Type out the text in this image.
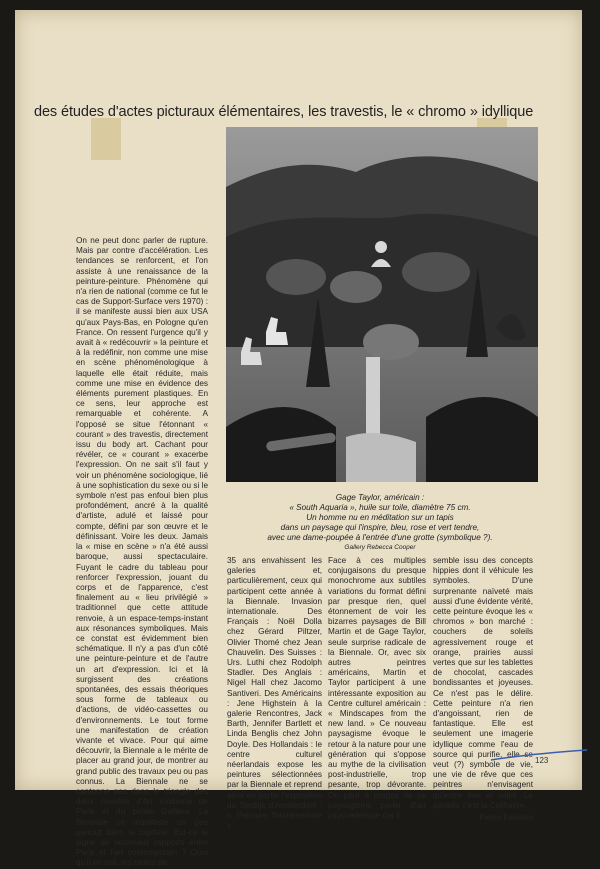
des études d'actes picturaux élémentaires, les travestis, le « chromo » idyllique
Gage Taylor, américain :
« South Aquaria », huile sur toile, diamètre 75 cm.
Un homme nu en méditation sur un tapis
dans un paysage qui l'inspire, bleu, rose et vert tendre,
avec une dame-poupée à l'entrée d'une grotte (symbolique ?).
Gallery Rebecca Cooper
On ne peut donc parler de rupture. Mais par contre d'accélération. Les tendances se renforcent, et l'on assiste à une renaissance de la peinture-peinture. Phénomène qui n'a rien de national (comme ce fut le cas de Support-Surface vers 1970) : il se manifeste aussi bien aux USA qu'aux Pays-Bas, en Pologne qu'en France. On ressent l'urgence qu'il y avait à « redécouvrir » la peinture et à la redéfinir, non comme une mise en scène phénoménologique à laquelle elle était réduite, mais comme une mise en évidence des éléments purement plastiques. En ce sens, leur approche est remarquable et cohérente. A l'opposé se situe l'étonnant « courant » des travestis, directement issu du body art. Cachant pour révéler, ce « courant » exacerbe l'expression. On ne sait s'il faut y voir un phénomène sociologique, lié à une sophistication du sexe ou si le symbole n'est pas enfoui bien plus profondément, ancré à la qualité d'artiste, adulé et laissé pour compte, défini par son œuvre et le définissant. Voire les deux. Jamais la « mise en scène » n'a été aussi baroque, aussi spectaculaire. Fuyant le cadre du tableau pour renforcer l'expression, jouant du corps et de l'apparence, c'est finalement au « lieu privilégié » traditionnel que cette attitude renvoie, à un espace-temps-instant aux résonances symboliques. Mais ce constat est évidemment bien schématique. Il n'y a pas d'un côté une peinture-peinture et de l'autre un art d'expression. Ici et là surgissent des créations spontanées, des essais théoriques sous forme de tableaux ou d'actions, de vidéo-cassettes ou d'environnements. Le tout forme une manifestation de création vivante et vivace. Pour qui aime découvrir, la Biennale a le mérite de placer au grand jour, de montrer au grand public des travaux peu ou pas connus. La Biennale ne se cantonne pas dans le triangle des deux musées d'Art moderne de Paris et du palais Galliera. La Biennale se manifeste un peu partout dans la capitale. Est-ce le signe de nouveaux rapports entre Paris et l'art contemporain ? Quoi qu'il en soit, les moins de
35 ans envahissent les galeries et, particulièrement, ceux qui participent cette année à la Biennale. Invasion internationale. Des Français : Noël Dolla chez Gérard Piltzer, Olivier Thomé chez Jean Chauvelin. Des Suisses : Urs. Luthi chez Rodolph Stadler. Des Anglais : Nigel Hall chez Jacomo Santiveri. Des Américains : Jene Highstein à la galerie Rencontres, Jack Barth, Jennifer Bartlett et Linda Benglis chez John Doyle. Des Hollandais : le centre culturel néerlandais expose les peintures sélectionnées par la Biennale et reprend ainsi en partie l'exposition du Stedlijk d'Amsterdam : « Peinture fondamentale ».
Face à ces multiples conjugaisons du presque monochrome aux subtiles variations du format défini par presque rien, quel étonnement de voir les bizarres paysages de Bill Martin et de Gage Taylor, seule surprise radicale de la Biennale. Or, avec six autres peintres américains, Martin et Taylor participent à une intéressante exposition au Centre culturel américain : « Mindscapes from the new land. » Ce nouveau paysagisme évoque le retour à la nature pour une génération qui s'oppose au mythe de la civilisation post-industrielle, trop pesante, trop dévorante. On peut à propos de ce paysagisme parler d'art psychédélique car il
semble issu des concepts hippies dont il véhicule les symboles. D'une surprenante naïveté mais aussi d'une évidente vérité, cette peinture évoque les « chromos » bon marché : couchers de soleils agressivement rouge et orange, prairies aussi vertes que sur les tablettes de chocolat, cascades bondissantes et joyeuses. Ce n'est pas le délire. Cette peinture n'a rien d'angoissant, rien de fantastique. Elle est seulement une imagerie idyllique comme l'eau de source qui purifie, elle se veut (?) symbole de vie, une vie de rêve que ces peintres n'envisagent qu'entre mer et soleil. Le paradis c'est la Californie.
Pierre Faveton
123
